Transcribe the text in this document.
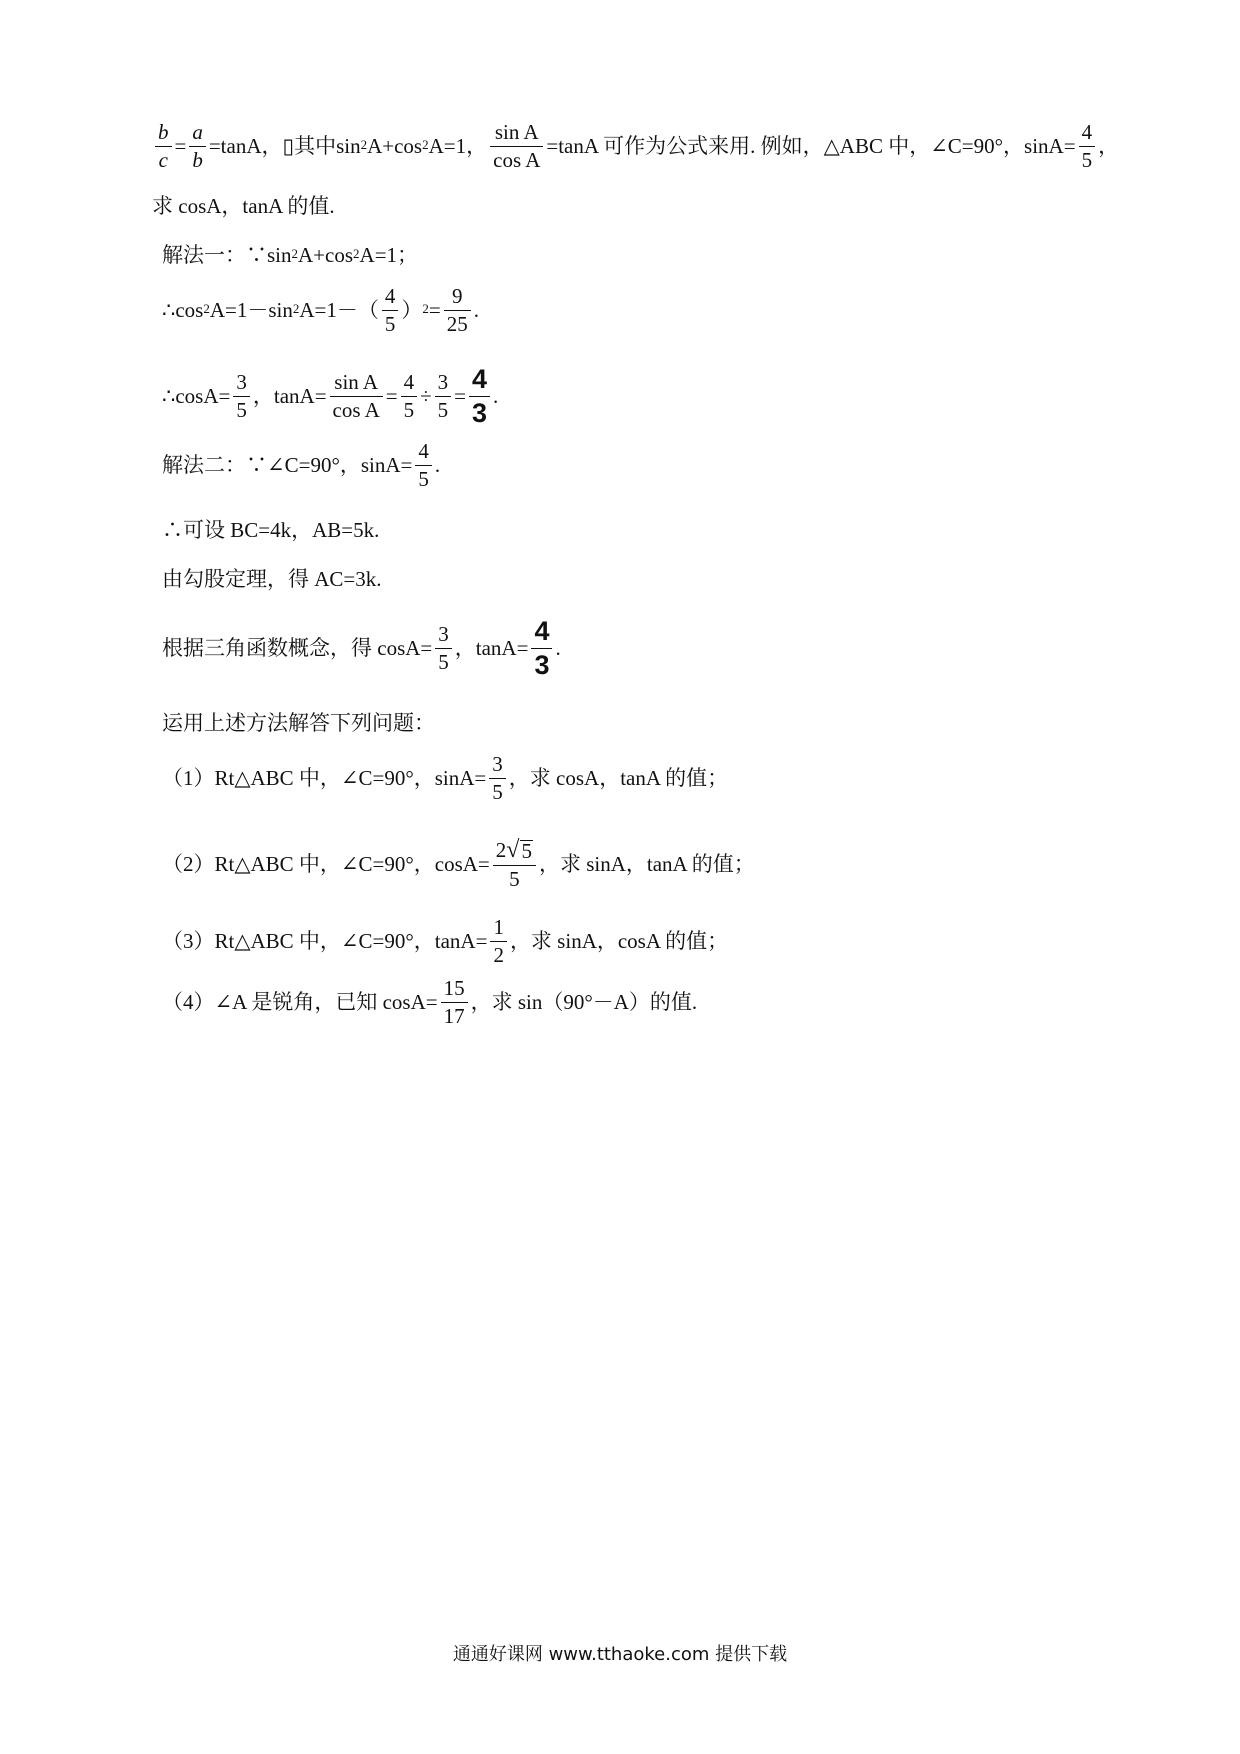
$\frac{b}{c} = \frac{a}{b} =\tan A$， ▯ 其中$\sin^2 A+\cos^2$ A=1， $\frac{\text{sin A}}{\text{cos A}} =\tan A$ 可作为公式来用. 例如，△ABC 中，∠C=90°，$\sin A= \frac{4}{5}$ ，
求 cosA，tanA 的值.
解法一：$\because\sin^2$ $A+\cos^2$ A=1；
$\therefore\cos^2$ $A=1-\sin^2$ $A=1-( \frac{4}{5} )^2 = \frac{9}{25}$ .
∴cosA= $\frac{3}{5}$ ，$\tan A= \frac{\text{sin A}}{\text{cos A}} = \frac{4}{5} \div \frac{3}{5} = \frac{4}{3}$ .
解法二：∵∠C=90°，$\sin A= \frac{4}{5}$ .
∴可设 BC=4k，AB=5k.
由勾股定理，得 AC=3k.
根据三角函数概念，得 $\cos A= \frac{3}{5}$ ，$\tan A= \frac{4}{3}$ .
运用上述方法解答下列问题：
（1）Rt△ABC 中，∠C=90°，$\sin A= \frac{3}{5}$ ，求 cosA，tanA 的值；
（2）Rt△ABC 中，∠C=90°，$\cos A= \frac{2 √ 5}{5}$ ，求 sinA，tanA 的值；
（3）Rt△ABC 中，∠C=90°，$\tan A= \frac{1}{2}$ ，求 sinA，cosA 的值；
（4）∠A 是锐角，已知 $\cos A= \frac{15}{17}$ ，求 sin（90°－A）的值.
通通好课网 www.tthaoke.com 提供下载
